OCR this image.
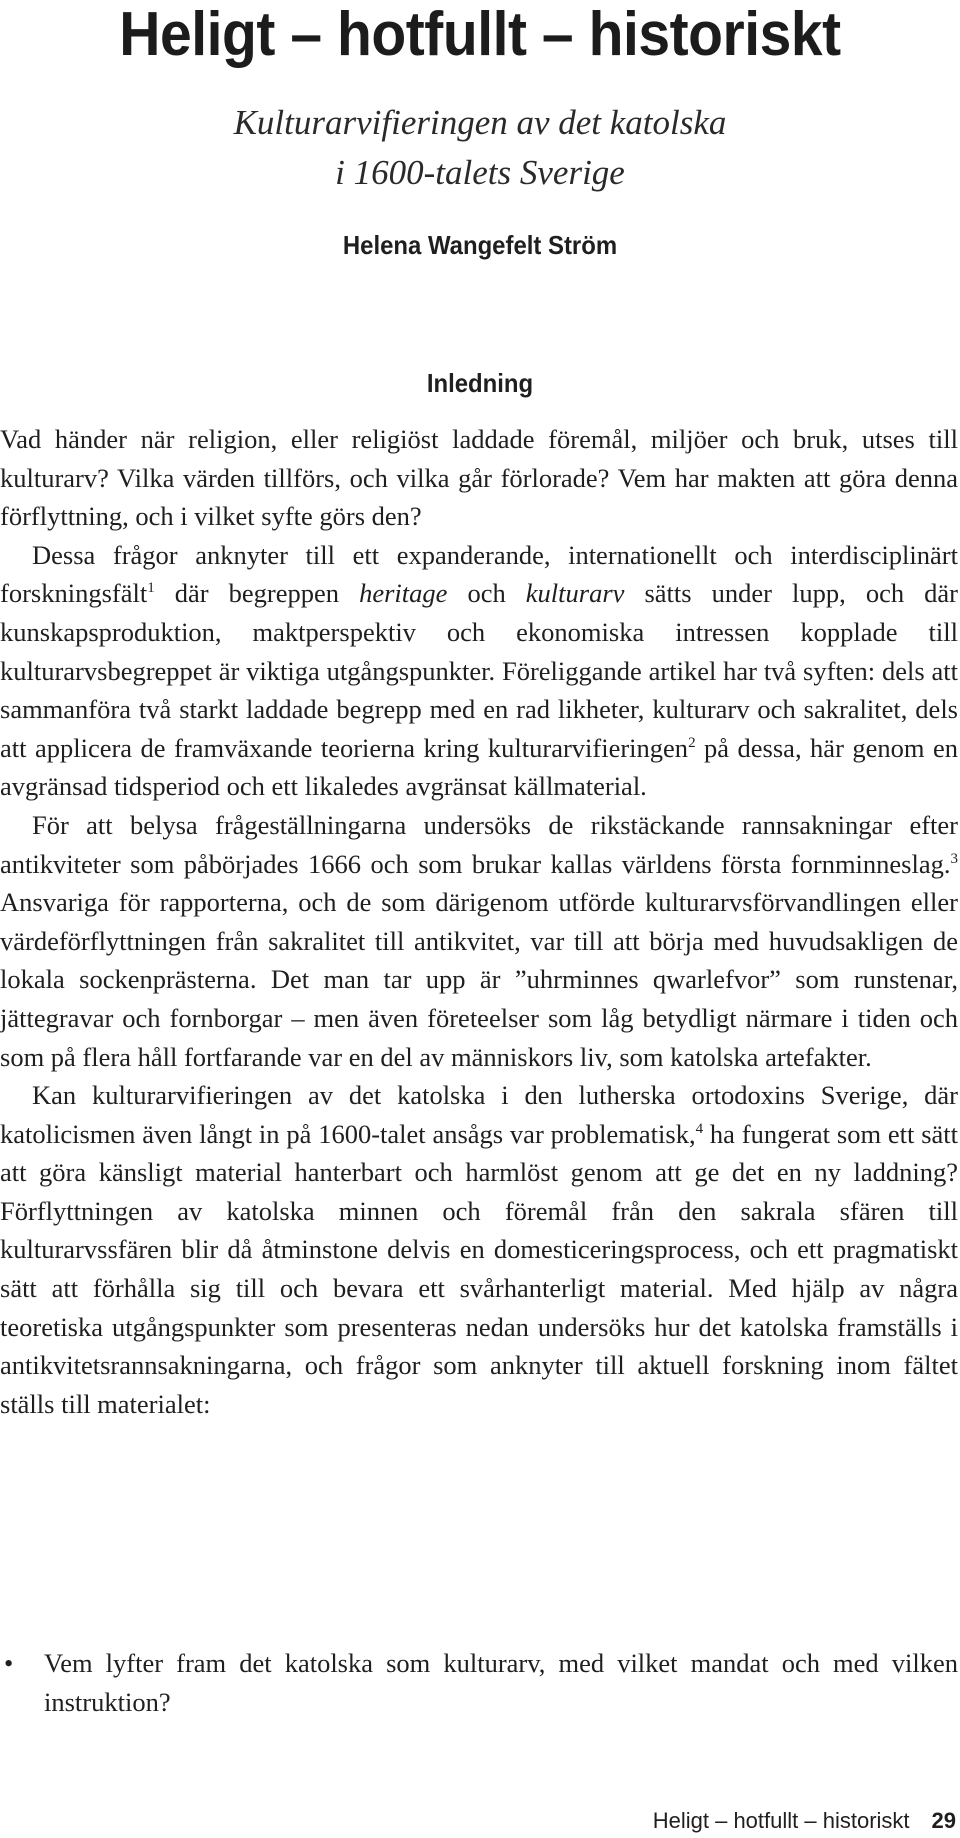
Heligt – hotfullt – historiskt
Kulturarvifieringen av det katolska
i 1600-talets Sverige
Helena Wangefelt Ström
Inledning

Vad händer när religion, eller religiöst laddade föremål, miljöer och bruk, utses till kulturarv? Vilka värden tillförs, och vilka går förlorade? Vem har makten att göra denna förflyttning, och i vilket syfte görs den?

Dessa frågor anknyter till ett expanderande, internationellt och interdisciplinärt forskningsfält$^1$ där begreppen heritage och kulturarv sätts under lupp, och där kunskapsproduktion, maktperspektiv och ekonomiska intressen kopplade till kulturarvsbegreppet är viktiga utgångspunkter. Föreliggande artikel har två syften: dels att sammanföra två starkt laddade begrepp med en rad likheter, kulturarv och sakralitet, dels att applicera de framväxande teorierna kring kulturarvifieringen$^2$ på dessa, här genom en avgränsad tidsperiod och ett likaledes avgränsat källmaterial.

För att belysa frågeställningarna undersöks de rikstäckande rannsakningar efter antikviteter som påbörjades 1666 och som brukar kallas världens första fornminneslag.$^3$ Ansvariga för rapporterna, och de som därigenom utförde kulturarvsförvandlingen eller värdeförflyttningen från sakralitet till antikvitet, var till att börja med huvudsakligen de lokala sockenprästerna. Det man tar upp är ”uhrminnes qwarlefvor” som runstenar, jättegravar och fornborgar – men även företeelser som låg betydligt närmare i tiden och som på flera håll fortfarande var en del av människors liv, som katolska artefakter.

Kan kulturarvifieringen av det katolska i den lutherska ortodoxins Sverige, där katolicismen även långt in på 1600-talet ansågs var problematisk,$^4$ ha fungerat som ett sätt att göra känsligt material hanterbart och harmlöst genom att ge det en ny laddning? Förflyttningen av katolska minnen och föremål från den sakrala sfären till kulturarvssfären blir då åtminstone delvis en domesticeringsprocess, och ett pragmatiskt sätt att förhålla sig till och bevara ett svårhanterligt material. Med hjälp av några teoretiska utgångspunkter som presenteras nedan undersöks hur det katolska framställs i antikvitetsrannsakningarna, och frågor som anknyter till aktuell forskning inom fältet ställs till materialet:

• Vem lyfter fram det katolska som kulturarv, med vilket mandat och med vilken instruktion?
Heligt – hotfullt – historiskt 29
